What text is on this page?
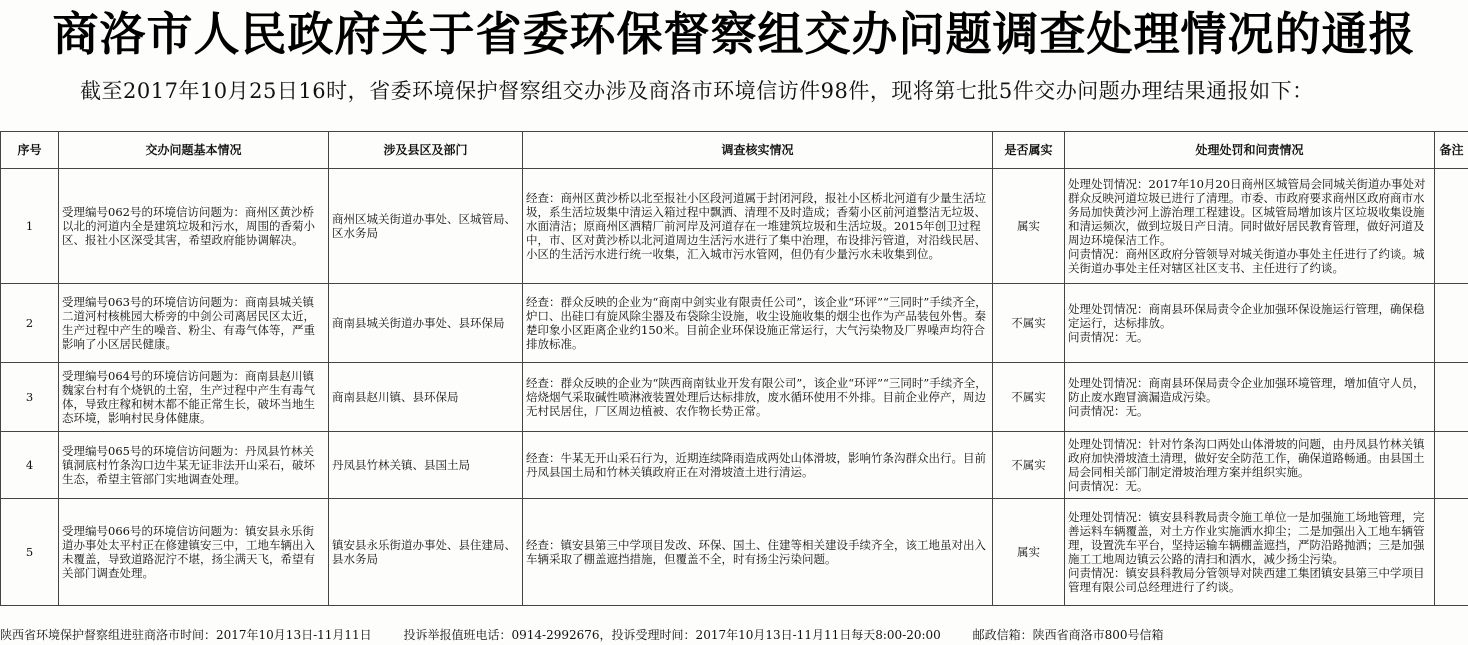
商洛市人民政府关于省委环保督察组交办问题调查处理情况的通报
截至2017年10月25日16时，省委环境保护督察组交办涉及商洛市环境信访件98件，现将第七批5件交办问题办理结果通报如下：
序号	交办问题基本情况	涉及县区及部门	调查核实情况	是否属实	处理处罚和问责情况	备注
1	受理编号062号的环境信访问题为：商州区黄沙桥以北的河道内全是建筑垃圾和污水，周围的香菊小区、报社小区深受其害，希望政府能协调解决。	商州区城关街道办事处、区城管局、区水务局	经查：商州区黄沙桥以北至报社小区段河道属于封闭河段，报社小区桥北河道有少量生活垃圾，系生活垃圾集中清运入箱过程中飘洒、清理不及时造成；香菊小区前河道整洁无垃圾、水面清洁；原商州区酒精厂前河岸及河道存在一堆建筑垃圾和生活垃圾。2015年创卫过程中，市、区对黄沙桥以北河道周边生活污水进行了集中治理，布设排污管道，对沿线民居、小区的生活污水进行统一收集，汇入城市污水管网，但仍有少量污水未收集到位。	属实	处理处罚情况：2017年10月20日商州区城管局会同城关街道办事处对群众反映河道垃圾已进行了清理。市委、市政府要求商州区政府商市水务局加快黄沙河上游治理工程建设。区城管局增加该片区垃圾收集设施和清运频次，做到垃圾日产日清。同时做好居民教育管理，做好河道及周边环境保洁工作。
问责情况：商州区政府分管领导对城关街道办事处主任进行了约谈。城关街道办事处主任对辖区社区支书、主任进行了约谈。	
2	受理编号063号的环境信访问题为：商南县城关镇二道河村核桃园大桥旁的中剑公司离居民区太近，生产过程中产生的噪音、粉尘、有毒气体等，严重影响了小区居民健康。	商南县城关街道办事处、县环保局	经查：群众反映的企业为“商南中剑实业有限责任公司”，该企业“环评”“三同时”手续齐全，炉口、出硅口有旋风除尘器及布袋除尘设施，收尘设施收集的烟尘也作为产品装包外售。秦楚印象小区距离企业约150米。目前企业环保设施正常运行，大气污染物及厂界噪声均符合排放标准。	不属实	处理处罚情况：商南县环保局责令企业加强环保设施运行管理，确保稳定运行，达标排放。
问责情况：无。	
3	受理编号064号的环境信访问题为：商南县赵川镇魏家台村有个烧钒的土窑，生产过程中产生有毒气体，导致庄稼和树木都不能正常生长，破坏当地生态环境，影响村民身体健康。	商南县赵川镇、县环保局	经查：群众反映的企业为“陕西商南钛业开发有限公司”，该企业“环评”“三同时”手续齐全，焙烧烟气采取碱性喷淋液装置处理后达标排放，废水循环使用不外排。目前企业停产，周边无村民居住，厂区周边植被、农作物长势正常。	不属实	处理处罚情况：商南县环保局责令企业加强环境管理，增加值守人员，防止废水跑冒滴漏造成污染。
问责情况：无。	
4	受理编号065号的环境信访问题为：丹凤县竹林关镇洞底村竹条沟口边牛某无证非法开山采石，破坏生态，希望主管部门实地调查处理。	丹凤县竹林关镇、县国土局	经查：牛某无开山采石行为，近期连续降雨造成两处山体滑坡，影响竹条沟群众出行。目前丹凤县国土局和竹林关镇政府正在对滑坡渣土进行清运。	不属实	处理处罚情况：针对竹条沟口两处山体滑坡的问题，由丹凤县竹林关镇政府加快滑坡渣土清理，做好安全防范工作，确保道路畅通。由县国土局会同相关部门制定滑坡治理方案并组织实施。
问责情况：无。	
5	受理编号066号的环境信访问题为：镇安县永乐街道办事处太平村正在修建镇安三中，工地车辆出入未覆盖，导致道路泥泞不堪，扬尘满天飞，希望有关部门调查处理。	镇安县永乐街道办事处、县住建局、县水务局	经查：镇安县第三中学项目发改、环保、国土、住建等相关建设手续齐全，该工地虽对出入车辆采取了棚盖遮挡措施，但覆盖不全，时有扬尘污染问题。	属实	处理处罚情况：镇安县科教局责令施工单位一是加强施工场地管理，完善运料车辆覆盖，对土方作业实施洒水抑尘；二是加强出入工地车辆管理，设置洗车平台，坚持运输车辆棚盖遮挡，严防沿路抛洒；三是加强施工工地周边镇云公路的清扫和洒水，减少扬尘污染。
问责情况：镇安县科教局分管领导对陕西建工集团镇安县第三中学项目管理有限公司总经理进行了约谈。	
陕西省环境保护督察组进驻商洛市时间：2017年10月13日-11月11日	投诉举报值班电话：0914-2992676，投诉受理时间：2017年10月13日-11月11日每天8:00-20:00	邮政信箱：陕西省商洛市800号信箱
